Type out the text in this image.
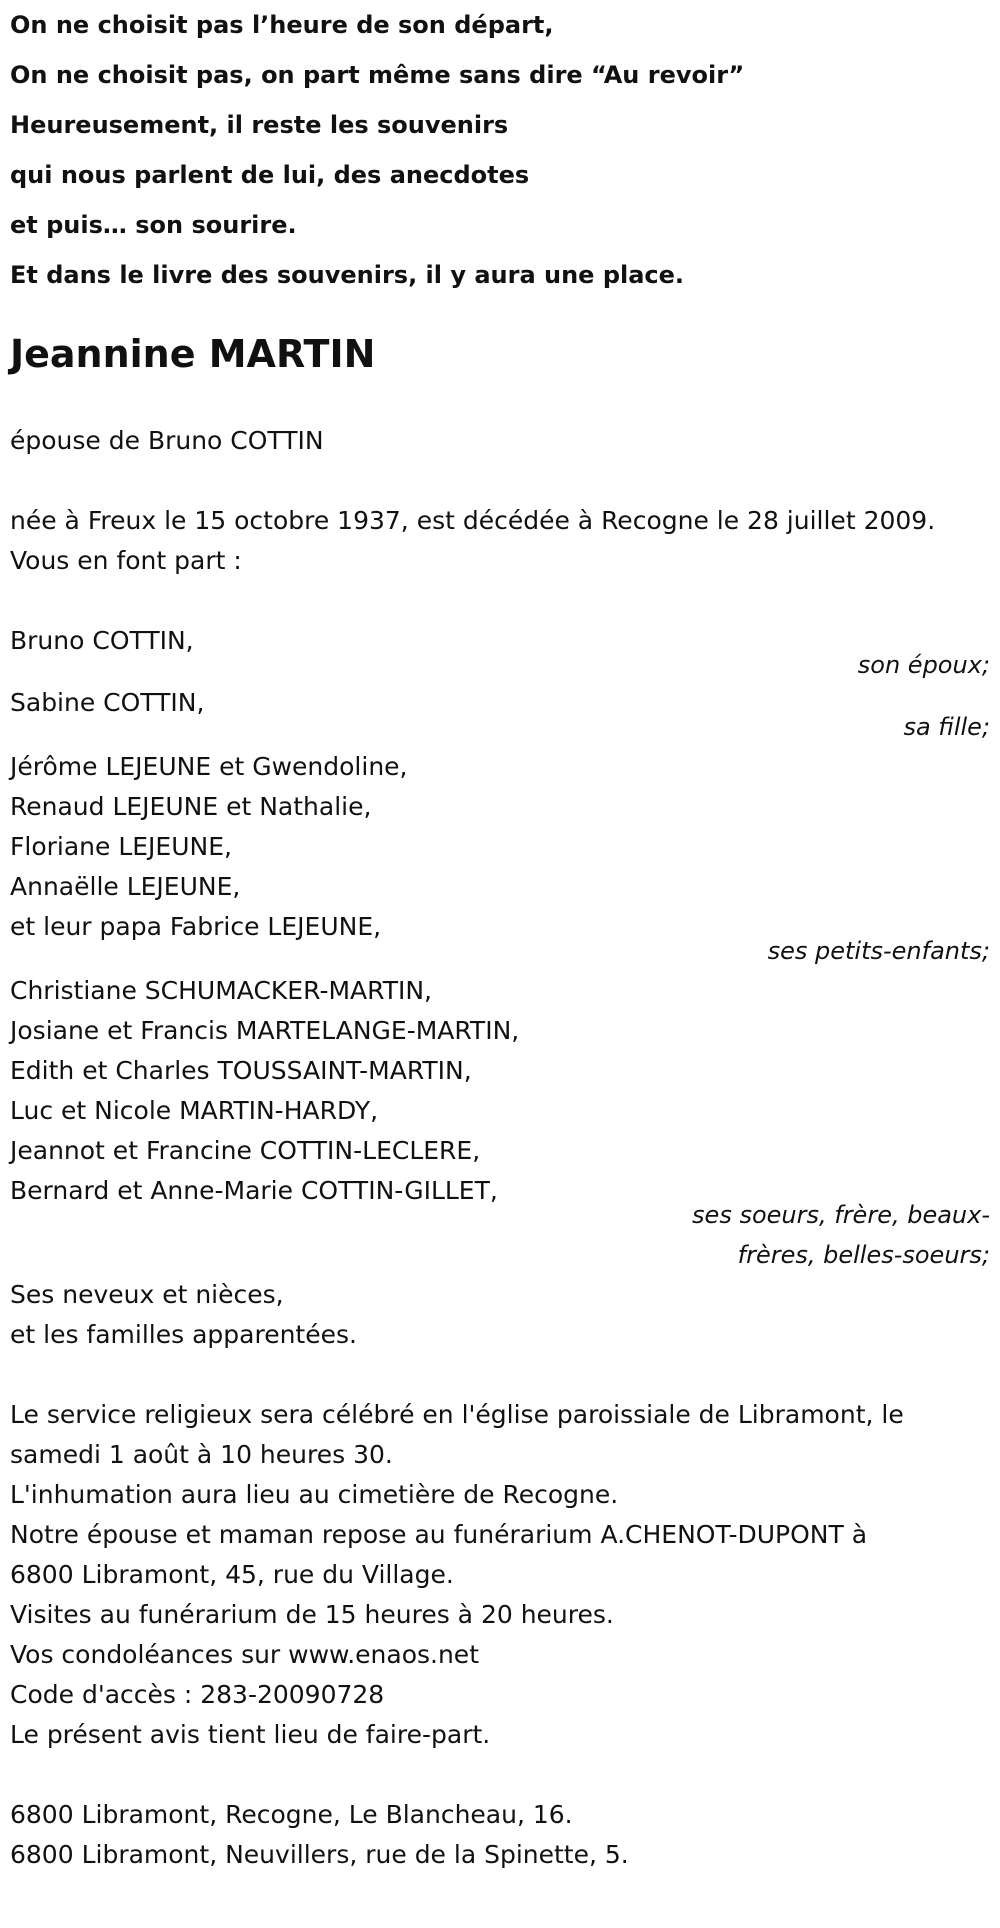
On ne choisit pas l’heure de son départ,
On ne choisit pas, on part même sans dire “Au revoir”
Heureusement, il reste les souvenirs
qui nous parlent de lui, des anecdotes
et puis… son sourire.
Et dans le livre des souvenirs, il y aura une place.
Jeannine MARTIN
épouse de Bruno COTTIN
née à Freux le 15 octobre 1937, est décédée à Recogne le 28 juillet 2009.
Vous en font part :
Bruno COTTIN,
son époux;
Sabine COTTIN,
sa fille;
Jérôme LEJEUNE et Gwendoline,
Renaud LEJEUNE et Nathalie,
Floriane LEJEUNE,
Annaëlle LEJEUNE,
et leur papa Fabrice LEJEUNE,
ses petits-enfants;
Christiane SCHUMACKER-MARTIN,
Josiane et Francis MARTELANGE-MARTIN,
Edith et Charles TOUSSAINT-MARTIN,
Luc et Nicole MARTIN-HARDY,
Jeannot et Francine COTTIN-LECLERE,
Bernard et Anne-Marie COTTIN-GILLET,
ses soeurs, frère, beaux-frères, belles-soeurs;
Ses neveux et nièces,
et les familles apparentées.
Le service religieux sera célébré en l'église paroissiale de Libramont, le
samedi 1 août à 10 heures 30.
L'inhumation aura lieu au cimetière de Recogne.
Notre épouse et maman repose au funérarium A.CHENOT-DUPONT à
6800 Libramont, 45, rue du Village.
Visites au funérarium de 15 heures à 20 heures.
Vos condoléances sur www.enaos.net
Code d'accès : 283-20090728
Le présent avis tient lieu de faire-part.
6800 Libramont, Recogne, Le Blancheau, 16.
6800 Libramont, Neuvillers, rue de la Spinette, 5.
